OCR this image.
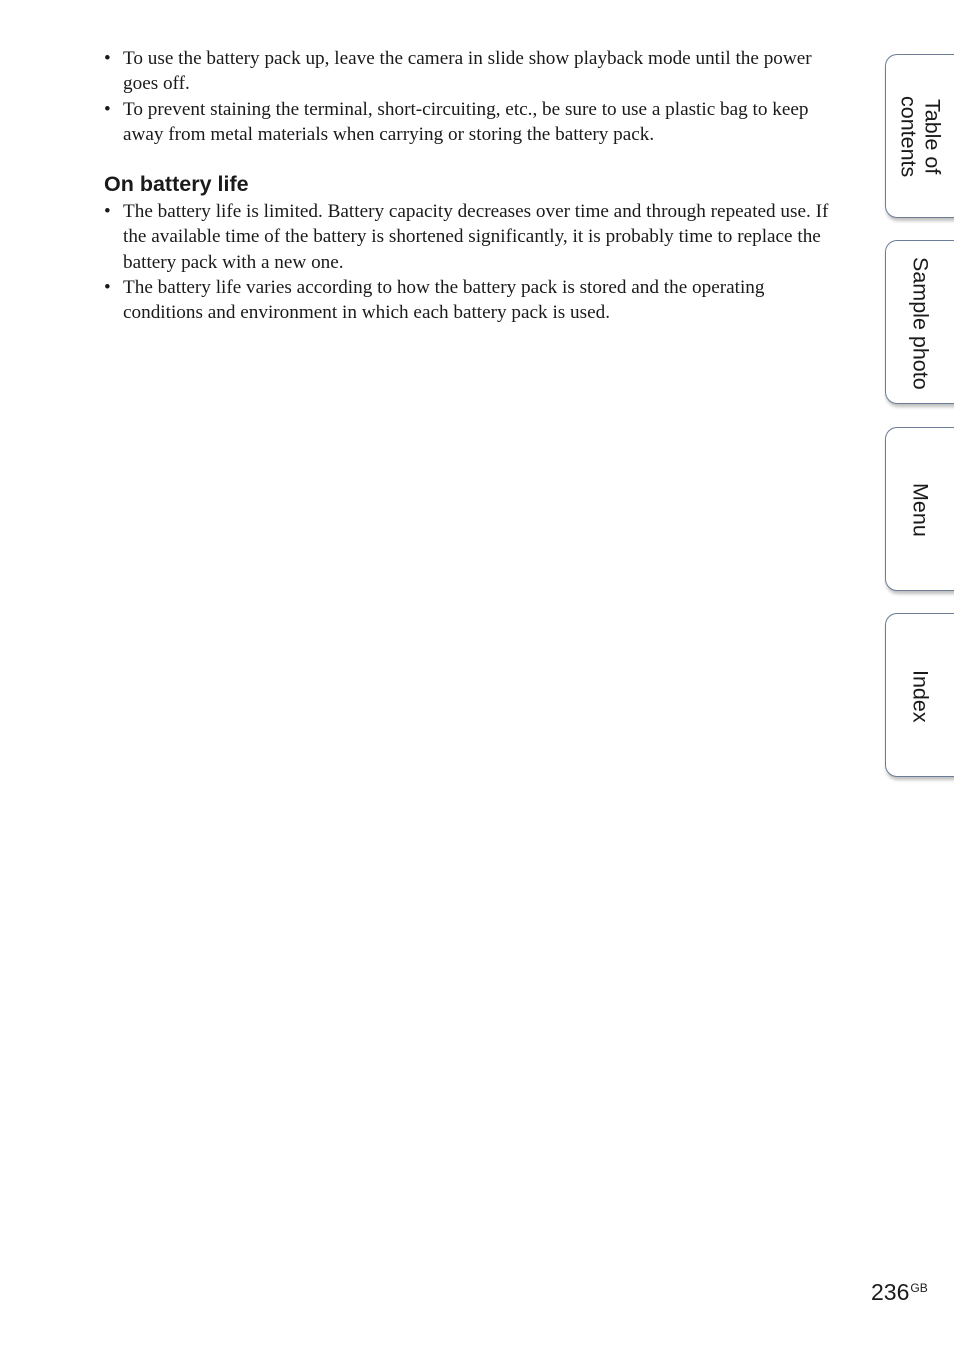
• To use the battery pack up, leave the camera in slide show playback mode until the power goes off.
• To prevent staining the terminal, short-circuiting, etc., be sure to use a plastic bag to keep away from metal materials when carrying or storing the battery pack.
On battery life
• The battery life is limited. Battery capacity decreases over time and through repeated use. If the available time of the battery is shortened significantly, it is probably time to replace the battery pack with a new one.
• The battery life varies according to how the battery pack is stored and the operating conditions and environment in which each battery pack is used.
Table of
contents
Sample photo
Menu
Index
$236^{GB}$
